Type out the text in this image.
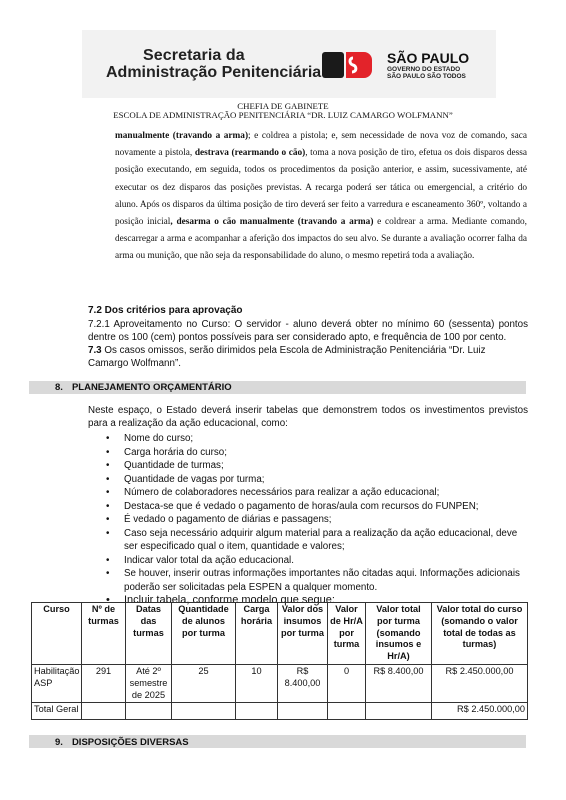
Secretaria da
Administração Penitenciária
SÃO PAULO
GOVERNO DO ESTADO
SÃO PAULO SÃO TODOS
CHEFIA DE GABINETE
ESCOLA DE ADMINISTRAÇÃO PENITENCIÁRIA “DR. LUIZ CAMARGO WOLFMANN”
manualmente (travando a arma); e coldrea a pistola; e, sem necessidade de nova voz de comando, saca novamente a pistola, destrava (rearmando o cão), toma a nova posição de tiro, efetua os dois disparos dessa posição executando, em seguida, todos os procedimentos da posição anterior, e assim, sucessivamente, até executar os dez disparos das posições previstas. A recarga poderá ser tática ou emergencial, a critério do aluno. Após os disparos da última posição de tiro deverá ser feito a varredura e escaneamento 360º, voltando a posição inicial, desarma o cão manualmente (travando a arma) e coldrear a arma. Mediante comando, descarregar a arma e acompanhar a aferição dos impactos do seu alvo. Se durante a avaliação ocorrer falha da arma ou munição, que não seja da responsabilidade do aluno, o mesmo repetirá toda a avaliação.
7.2 Dos critérios para aprovação
7.2.1 Aproveitamento no Curso: O servidor - aluno deverá obter no mínimo 60 (sessenta) pontos dentre os 100 (cem) pontos possíveis para ser considerado apto, e frequência de 100 por cento.
7.3 Os casos omissos, serão dirimidos pela Escola de Administração Penitenciária “Dr. Luiz Camargo Wolfmann”.
8. PLANEJAMENTO ORÇAMENTÁRIO
Neste espaço, o Estado deverá inserir tabelas que demonstrem todos os investimentos previstos para a realização da ação educacional, como:
• Nome do curso;
• Carga horária do curso;
• Quantidade de turmas;
• Quantidade de vagas por turma;
• Número de colaboradores necessários para realizar a ação educacional;
• Destaca-se que é vedado o pagamento de horas/aula com recursos do FUNPEN;
• É vedado o pagamento de diárias e passagens;
• Caso seja necessário adquirir algum material para a realização da ação educacional, deve ser especificado qual o item, quantidade e valores;
• Indicar valor total da ação educacional.
• Se houver, inserir outras informações importantes não citadas aqui. Informações adicionais poderão ser solicitadas pela ESPEN a qualquer momento.
• Incluir tabela, conforme modelo que segue:
Curso	Nº de turmas	Datas das turmas	Quantidade de alunos por turma	Carga horária	Valor dos insumos por turma	Valor de Hr/A por turma	Valor total por turma (somando insumos e Hr/A)	Valor total do curso (somando o valor total de todas as turmas)
Habilitação ASP	291	Até 2º semestre de 2025	25	10	R$ 8.400,00	0	R$ 8.400,00	R$ 2.450.000,00
Total Geral								R$ 2.450.000,00
9. DISPOSIÇÕES DIVERSAS
